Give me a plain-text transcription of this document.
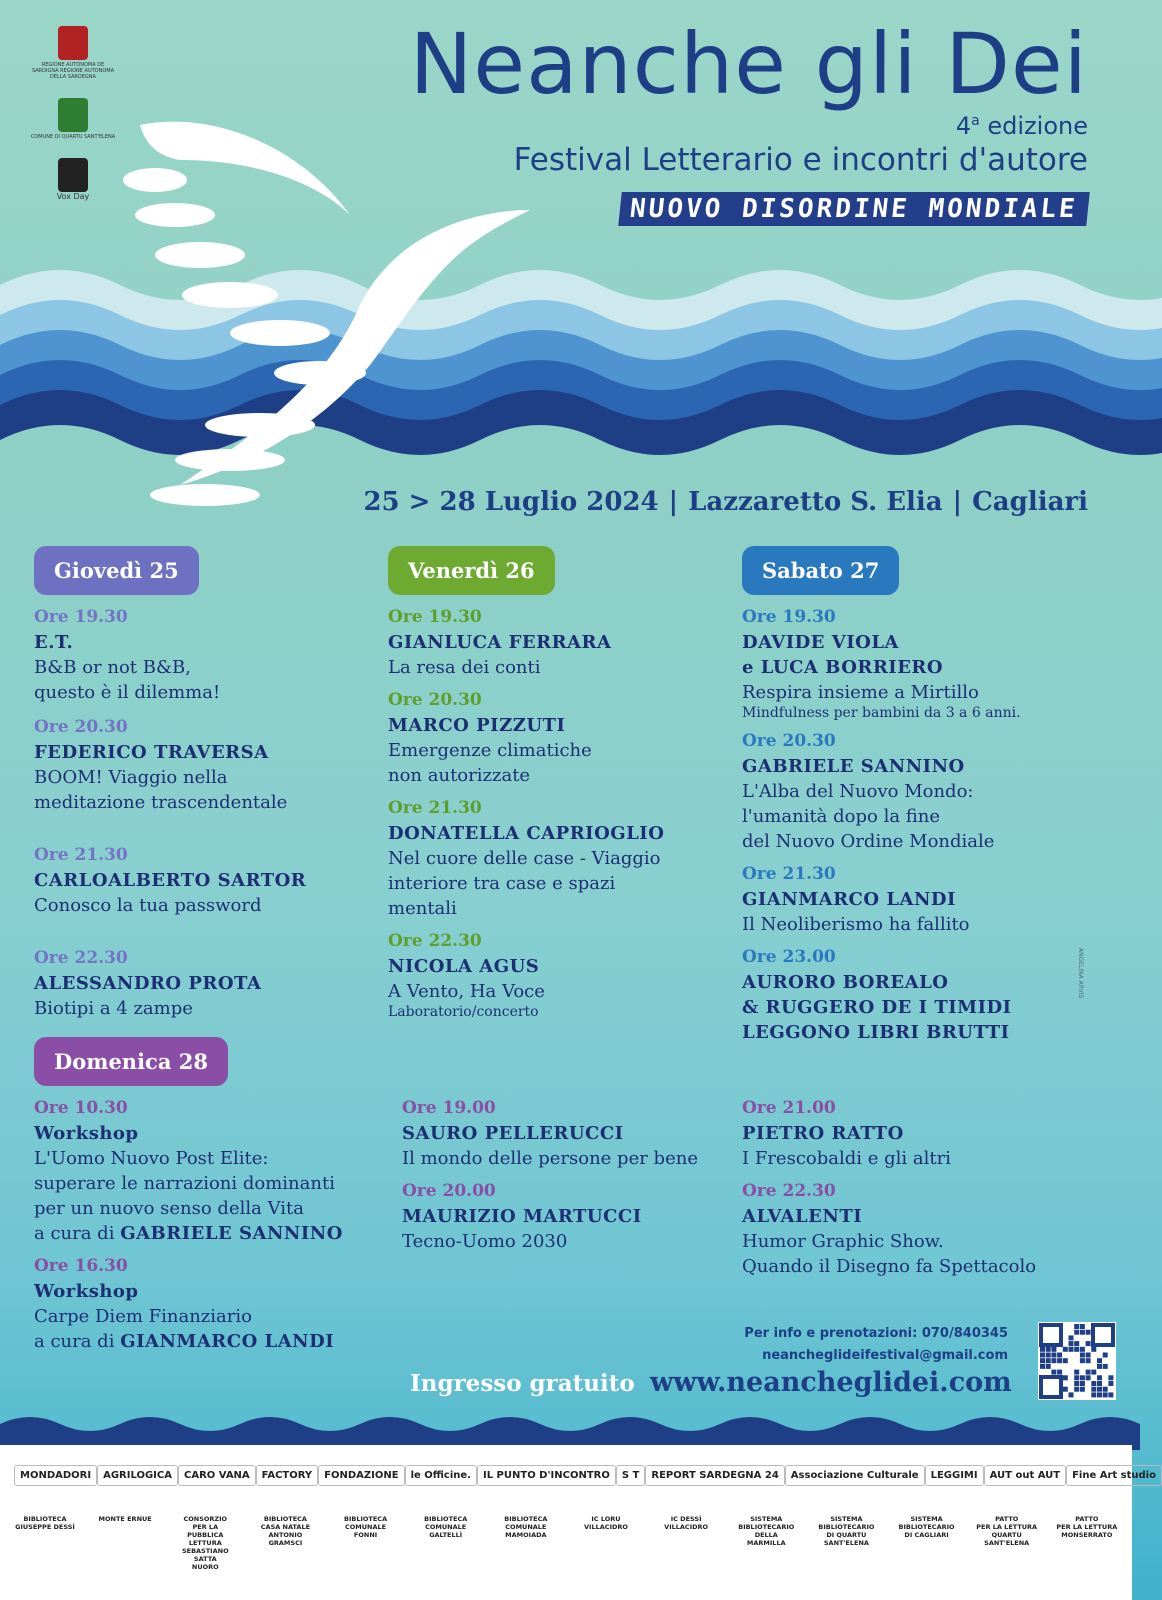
REGIONE AUTÒNOMA DE SARDIGNA REGIONE AUTONOMA DELLA SARDEGNA
COMUNE DI QUARTU SANT'ELENA
Vox Day
Neanche gli Dei
4$^a$ edizione
Festival Letterario e incontri d'autore
NUOVO DISORDINE MONDIALE
25 > 28 Luglio 2024 | Lazzaretto S. Elia | Cagliari
Giovedì 25
Ore 19.30
E.T.
B&B or not B&B,
questo è il dilemma!
Ore 20.30
FEDERICO TRAVERSA
BOOM! Viaggio nella
meditazione trascendentale
Ore 21.30
CARLOALBERTO SARTOR
Conosco la tua password
Ore 22.30
ALESSANDRO PROTA
Biotipi a 4 zampe
Venerdì 26
Ore 19.30
GIANLUCA FERRARA
La resa dei conti
Ore 20.30
MARCO PIZZUTI
Emergenze climatiche
non autorizzate
Ore 21.30
DONATELLA CAPRIOGLIO
Nel cuore delle case - Viaggio
interiore tra case e spazi
mentali
Ore 22.30
NICOLA AGUS
A Vento, Ha Voce
Laboratorio/concerto
Sabato 27
Ore 19.30
DAVIDE VIOLA
e LUCA BORRIERO
Respira insieme a Mirtillo
Mindfulness per bambini da 3 a 6 anni.
Ore 20.30
GABRIELE SANNINO
L'Alba del Nuovo Mondo:
l'umanità dopo la fine
del Nuovo Ordine Mondiale
Ore 21.30
GIANMARCO LANDI
Il Neoliberismo ha fallito
Ore 23.00
AURORO BOREALO
& RUGGERO DE I TIMIDI
LEGGONO LIBRI BRUTTI
Domenica 28
Ore 10.30
Workshop
L'Uomo Nuovo Post Elite:
superare le narrazioni dominanti
per un nuovo senso della Vita
a cura di GABRIELE SANNINO
Ore 16.30
Workshop
Carpe Diem Finanziario
a cura di GIANMARCO LANDI
Ore 19.00
SAURO PELLERUCCI
Il mondo delle persone per bene
Ore 20.00
MAURIZIO MARTUCCI
Tecno-Uomo 2030
Ore 21.00
PIETRO RATTO
I Frescobaldi e gli altri
Ore 22.30
ALVALENTI
Humor Graphic Show.
Quando il Disegno fa Spettacolo
ANGELINA ARVIS
Per info e prenotazioni: 070/840345
neancheglideifestival@gmail.com
Ingresso gratuito www.neancheglidei.com
MONDADORI	AGRILOGICA	CARO VANA	FACTORY	FONDAZIONE	le Officine.	IL PUNTO D'INCONTRO	S T	REPORT SARDEGNA 24	Associazione Culturale	LEGGIMI	AUT out AUT	Fine Art studio
BIBLIOTECA
GIUSEPPE DESSÌ
MONTE ERNUE	CONSORZIO
PER LA PUBBLICA LETTURA
SEBASTIANO SATTA
NUORO
BIBLIOTECA
CASA NATALE
ANTONIO GRAMSCI
BIBLIOTECA
COMUNALE
FONNI
BIBLIOTECA
COMUNALE
GALTELLÌ
BIBLIOTECA
COMUNALE
MAMOIADA
IC LORU
VILLACIDRO
IC DESSÌ
VILLACIDRO
SISTEMA
BIBLIOTECARIO
DELLA MARMILLA
SISTEMA
BIBLIOTECARIO
DI QUARTU SANT'ELENA
SISTEMA
BIBLIOTECARIO
DI CAGLIARI
PATTO
PER LA LETTURA
QUARTU SANT'ELENA
PATTO
PER LA LETTURA
MONSERRATO
